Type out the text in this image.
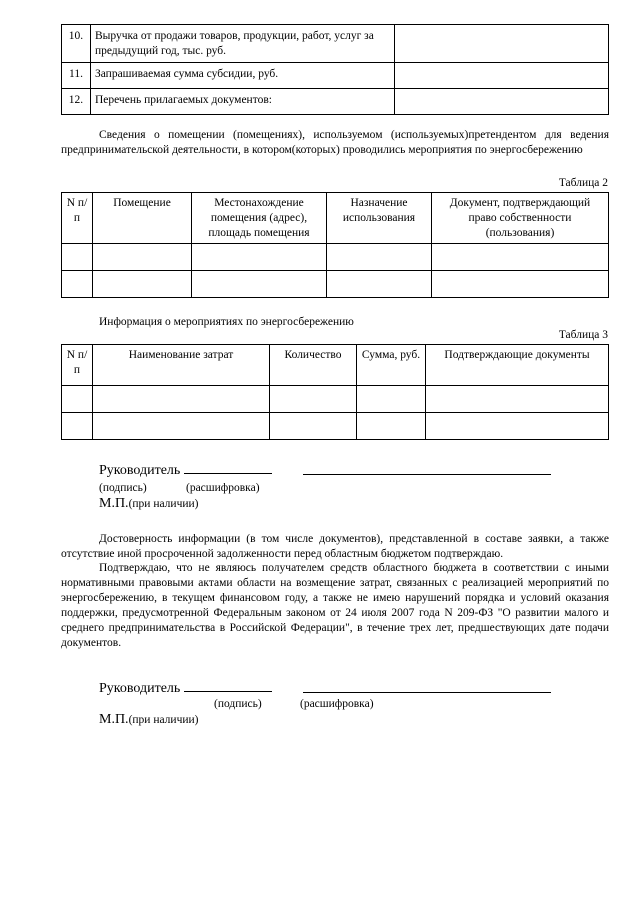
10.	Выручка от продажи товаров, продукции, работ, услуг за предыдущий год, тыс. руб.	
11.	Запрашиваемая сумма субсидии, руб.	
12.	Перечень прилагаемых документов:	

Сведения о помещении (помещениях), используемом (используемых)претендентом для ведения предпринимательской деятельности, в котором(которых) проводились мероприятия по энергосбережению

Таблица 2
N п/п	Помещение	Местонахождение помещения (адрес), площадь помещения	Назначение использования	Документ, подтверждающий право собственности (пользования)

Информация о мероприятиях по энергосбережению
Таблица 3
N п/п	Наименование затрат	Количество	Сумма, руб.	Подтверждающие документы

Руководитель
(подпись)	(расшифровка)
М.П.(при наличии)

Достоверность информации (в том числе документов), представленной в составе заявки, а также отсутствие иной просроченной задолженности перед областным бюджетом подтверждаю.

Подтверждаю, что не являюсь получателем средств областного бюджета в соответствии с иными нормативными правовыми актами области на возмещение затрат, связанных с реализацией мероприятий по энергосбережению, в текущем финансовом году, а также не имею нарушений порядка и условий оказания поддержки, предусмотренной Федеральным законом от 24 июля 2007 года N 209-ФЗ "О развитии малого и среднего предпринимательства в Российской Федерации", в течение трех лет, предшествующих дате подачи документов.

Руководитель
(подпись)	(расшифровка)
М.П.(при наличии)
